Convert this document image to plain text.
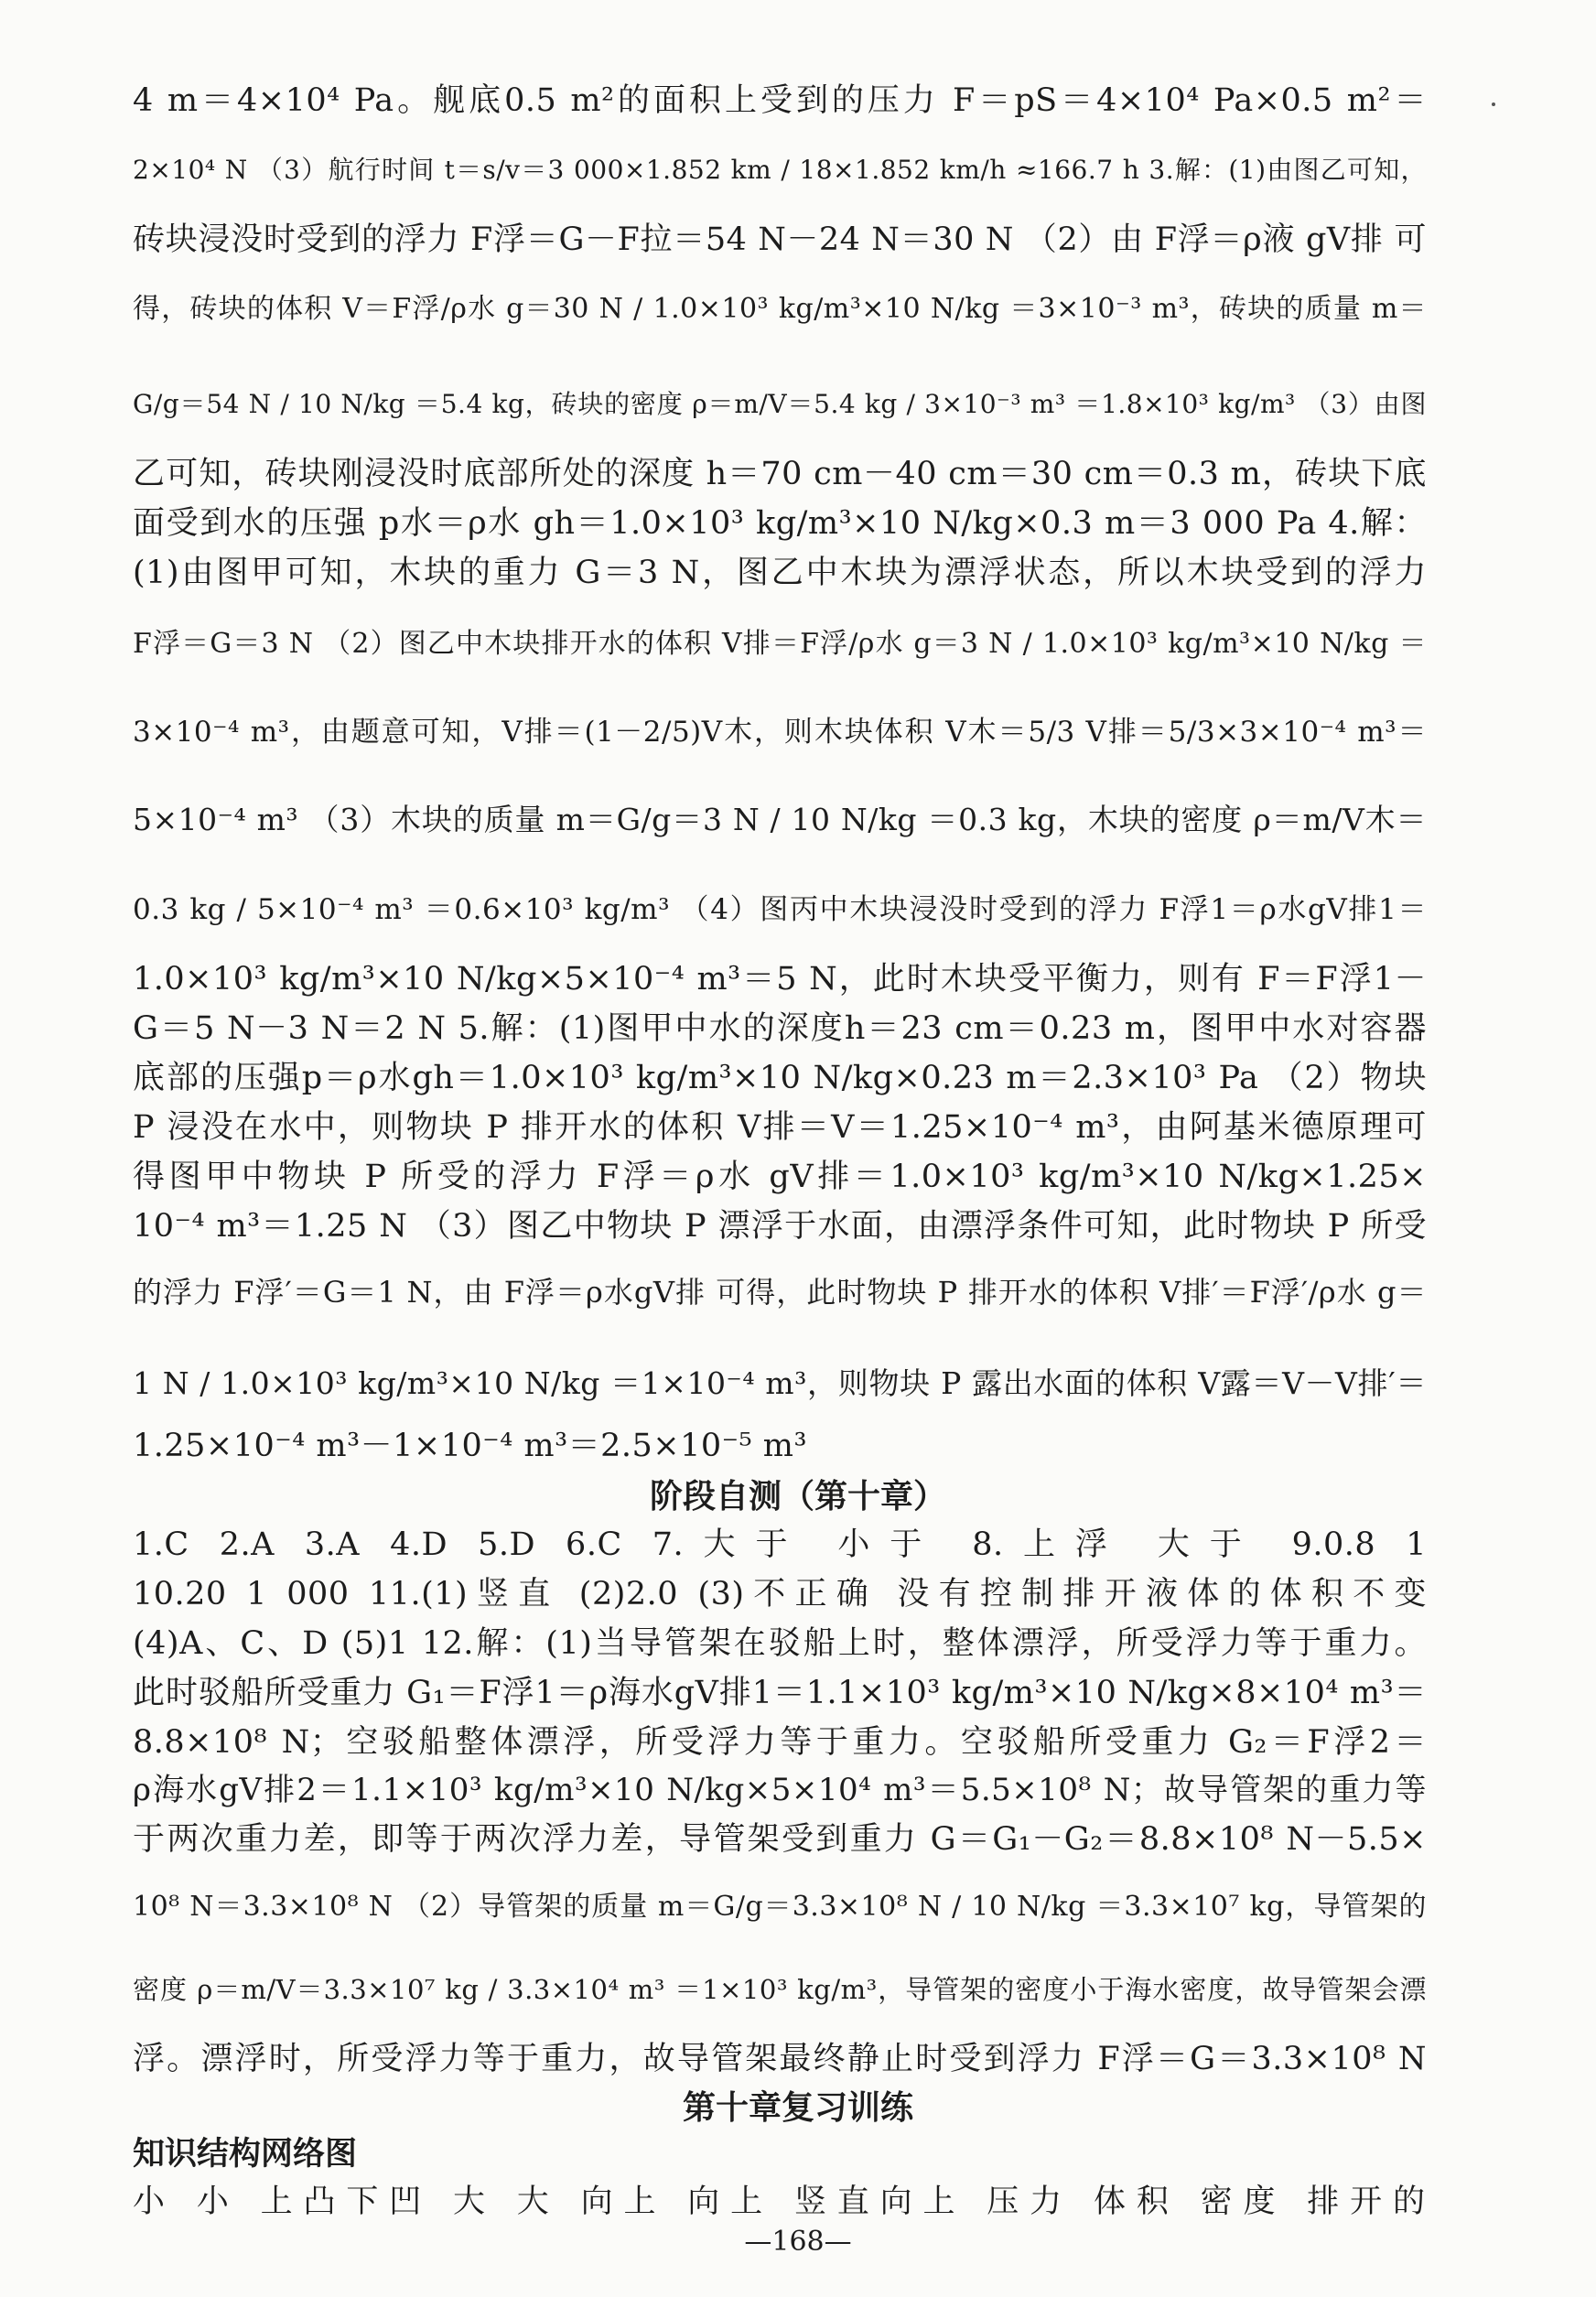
4 m＝4×10⁴ Pa。舰底0.5 m²的面积上受到的压力 F＝pS＝4×10⁴ Pa×0.5 m²＝
2×10⁴ N （3）航行时间 t＝s/v＝3 000×1.852 km / 18×1.852 km/h ≈166.7 h 3.解：(1)由图乙可知，
砖块浸没时受到的浮力 F浮＝G－F拉＝54 N－24 N＝30 N （2）由 F浮＝ρ液 gV排 可
得，砖块的体积 V＝F浮/ρ水 g＝30 N / 1.0×10³ kg/m³×10 N/kg ＝3×10⁻³ m³，砖块的质量 m＝
G/g＝54 N / 10 N/kg ＝5.4 kg，砖块的密度 ρ＝m/V＝5.4 kg / 3×10⁻³ m³ ＝1.8×10³ kg/m³ （3）由图
乙可知，砖块刚浸没时底部所处的深度 h＝70 cm－40 cm＝30 cm＝0.3 m，砖块下底
面受到水的压强 p水＝ρ水 gh＝1.0×10³ kg/m³×10 N/kg×0.3 m＝3 000 Pa 4.解：
(1)由图甲可知，木块的重力 G＝3 N，图乙中木块为漂浮状态，所以木块受到的浮力
F浮＝G＝3 N （2）图乙中木块排开水的体积 V排＝F浮/ρ水 g＝3 N / 1.0×10³ kg/m³×10 N/kg ＝
3×10⁻⁴ m³，由题意可知，V排＝(1－2/5)V木，则木块体积 V木＝5/3 V排＝5/3×3×10⁻⁴ m³＝
5×10⁻⁴ m³ （3）木块的质量 m＝G/g＝3 N / 10 N/kg ＝0.3 kg，木块的密度 ρ＝m/V木＝
0.3 kg / 5×10⁻⁴ m³ ＝0.6×10³ kg/m³ （4）图丙中木块浸没时受到的浮力 F浮1＝ρ水gV排1＝
1.0×10³ kg/m³×10 N/kg×5×10⁻⁴ m³＝5 N，此时木块受平衡力，则有 F＝F浮1－
G＝5 N－3 N＝2 N 5.解：(1)图甲中水的深度h＝23 cm＝0.23 m，图甲中水对容器
底部的压强p＝ρ水gh＝1.0×10³ kg/m³×10 N/kg×0.23 m＝2.3×10³ Pa （2）物块
P 浸没在水中，则物块 P 排开水的体积 V排＝V＝1.25×10⁻⁴ m³，由阿基米德原理可
得图甲中物块 P 所受的浮力 F浮＝ρ水 gV排＝1.0×10³ kg/m³×10 N/kg×1.25×
10⁻⁴ m³＝1.25 N （3）图乙中物块 P 漂浮于水面，由漂浮条件可知，此时物块 P 所受
的浮力 F浮′＝G＝1 N，由 F浮＝ρ水gV排 可得，此时物块 P 排开水的体积 V排′＝F浮′/ρ水 g＝
1 N / 1.0×10³ kg/m³×10 N/kg ＝1×10⁻⁴ m³，则物块 P 露出水面的体积 V露＝V－V排′＝
1.25×10⁻⁴ m³－1×10⁻⁴ m³＝2.5×10⁻⁵ m³
阶段自测（第十章）
1.C 2.A 3.A 4.D 5.D 6.C 7.大于 小于 8.上浮 大于 9.0.8 1
10.20 1 000 11.(1)竖直 (2)2.0 (3)不正确 没有控制排开液体的体积不变
(4)A、C、D (5)1 12.解：(1)当导管架在驳船上时，整体漂浮，所受浮力等于重力。
此时驳船所受重力 G₁＝F浮1＝ρ海水gV排1＝1.1×10³ kg/m³×10 N/kg×8×10⁴ m³＝
8.8×10⁸ N；空驳船整体漂浮，所受浮力等于重力。空驳船所受重力 G₂＝F浮2＝
ρ海水gV排2＝1.1×10³ kg/m³×10 N/kg×5×10⁴ m³＝5.5×10⁸ N；故导管架的重力等
于两次重力差，即等于两次浮力差，导管架受到重力 G＝G₁－G₂＝8.8×10⁸ N－5.5×
10⁸ N＝3.3×10⁸ N （2）导管架的质量 m＝G/g＝3.3×10⁸ N / 10 N/kg ＝3.3×10⁷ kg，导管架的
密度 ρ＝m/V＝3.3×10⁷ kg / 3.3×10⁴ m³ ＝1×10³ kg/m³，导管架的密度小于海水密度，故导管架会漂
浮。漂浮时，所受浮力等于重力，故导管架最终静止时受到浮力 F浮＝G＝3.3×10⁸ N
第十章复习训练
知识结构网络图
小 小 上凸下凹 大 大 向上 向上 竖直向上 压力 体积 密度 排开的
—168—
